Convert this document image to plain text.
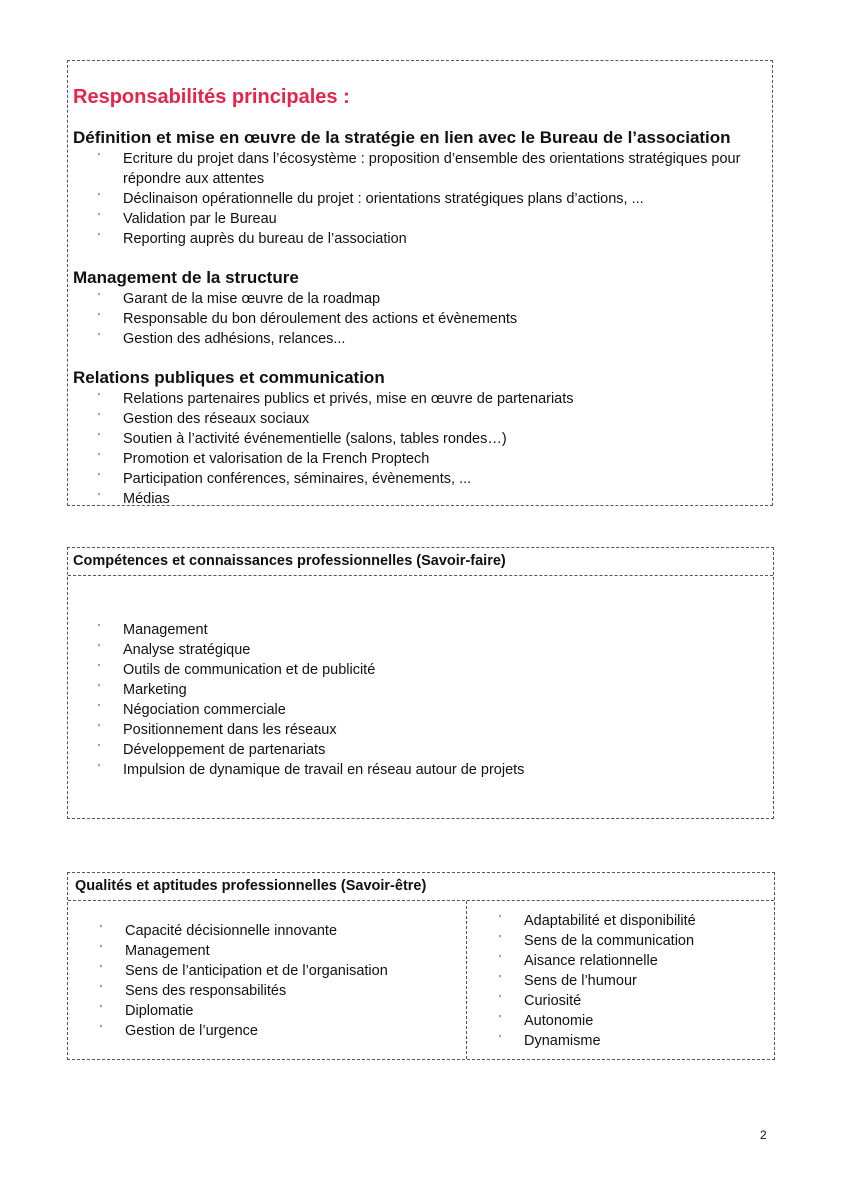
Responsabilités principales :
Définition et mise en œuvre de la stratégie en lien avec le Bureau de l’association
' Ecriture du projet dans l’écosystème : proposition d’ensemble des orientations stratégiques pour répondre aux attentes
' Déclinaison opérationnelle du projet : orientations stratégiques plans d’actions, ...
' Validation par le Bureau
' Reporting auprès du bureau de l’association
Management de la structure
' Garant de la mise œuvre de la roadmap
' Responsable du bon déroulement des actions et évènements
' Gestion des adhésions, relances...
Relations publiques et communication
' Relations partenaires publics et privés, mise en œuvre de partenariats
' Gestion des réseaux sociaux
' Soutien à l’activité événementielle (salons, tables rondes…)
' Promotion et valorisation de la French Proptech
' Participation conférences, séminaires, évènements, ...
' Médias
Compétences et connaissances professionnelles (Savoir-faire)
' Management
' Analyse stratégique
' Outils de communication et de publicité
' Marketing
' Négociation commerciale
' Positionnement dans les réseaux
' Développement de partenariats
' Impulsion de dynamique de travail en réseau autour de projets
Qualités et aptitudes professionnelles (Savoir-être)
' Capacité décisionnelle innovante
' Management
' Sens de l’anticipation et de l’organisation
' Sens des responsabilités
' Diplomatie
' Gestion de l’urgence
' Adaptabilité et disponibilité
' Sens de la communication
' Aisance relationnelle
' Sens de l’humour
' Curiosité
' Autonomie
' Dynamisme
2
